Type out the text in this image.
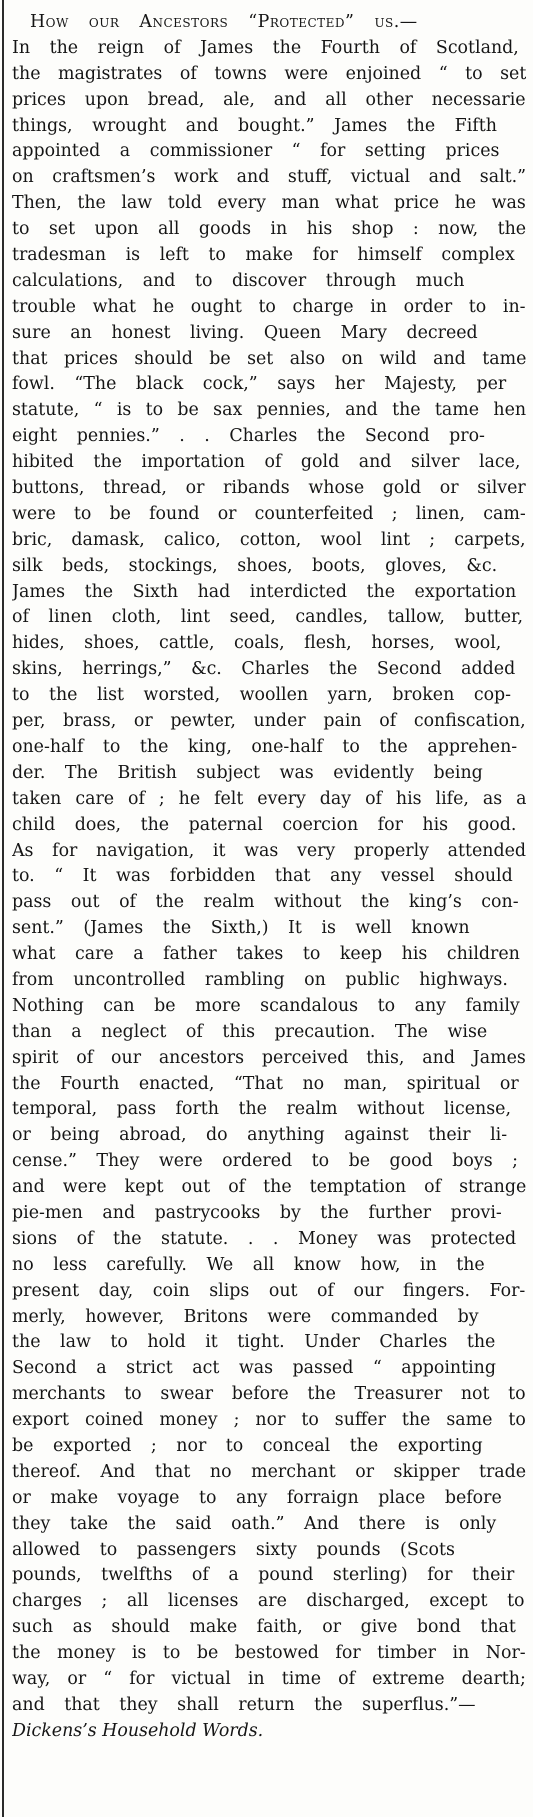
How our Ancestors “Protected” us.—
In the reign of James the Fourth of Scotland,
the magistrates of towns were enjoined “ to set
prices upon bread, ale, and all other necessarie
things, wrought and bought.” James the Fifth
appointed a commissioner “ for setting prices
on craftsmen’s work and stuff, victual and salt.”
Then, the law told every man what price he was
to set upon all goods in his shop : now, the
tradesman is left to make for himself complex
calculations, and to discover through much
trouble what he ought to charge in order to in-
sure an honest living. Queen Mary decreed
that prices should be set also on wild and tame
fowl. “The black cock,” says her Majesty, per
statute, “ is to be sax pennies, and the tame hen
eight pennies.” . . Charles the Second pro-
hibited the importation of gold and silver lace,
buttons, thread, or ribands whose gold or silver
were to be found or counterfeited ; linen, cam-
bric, damask, calico, cotton, wool lint ; carpets,
silk beds, stockings, shoes, boots, gloves, &c.
James the Sixth had interdicted the exportation
of linen cloth, lint seed, candles, tallow, butter,
hides, shoes, cattle, coals, flesh, horses, wool,
skins, herrings,” &c. Charles the Second added
to the list worsted, woollen yarn, broken cop-
per, brass, or pewter, under pain of confiscation,
one-half to the king, one-half to the apprehen-
der. The British subject was evidently being
taken care of ; he felt every day of his life, as a
child does, the paternal coercion for his good.
As for navigation, it was very properly attended
to. “ It was forbidden that any vessel should
pass out of the realm without the king’s con-
sent.” (James the Sixth,) It is well known
what care a father takes to keep his children
from uncontrolled rambling on public highways.
Nothing can be more scandalous to any family
than a neglect of this precaution. The wise
spirit of our ancestors perceived this, and James
the Fourth enacted, “That no man, spiritual or
temporal, pass forth the realm without license,
or being abroad, do anything against their li-
cense.” They were ordered to be good boys ;
and were kept out of the temptation of strange
pie-men and pastrycooks by the further provi-
sions of the statute. . . Money was protected
no less carefully. We all know how, in the
present day, coin slips out of our fingers. For-
merly, however, Britons were commanded by
the law to hold it tight. Under Charles the
Second a strict act was passed “ appointing
merchants to swear before the Treasurer not to
export coined money ; nor to suffer the same to
be exported ; nor to conceal the exporting
thereof. And that no merchant or skipper trade
or make voyage to any forraign place before
they take the said oath.” And there is only
allowed to passengers sixty pounds (Scots
pounds, twelfths of a pound sterling) for their
charges ; all licenses are discharged, except to
such as should make faith, or give bond that
the money is to be bestowed for timber in Nor-
way, or “ for victual in time of extreme dearth;
and that they shall return the superflus.”—
Dickens’s Household Words.
